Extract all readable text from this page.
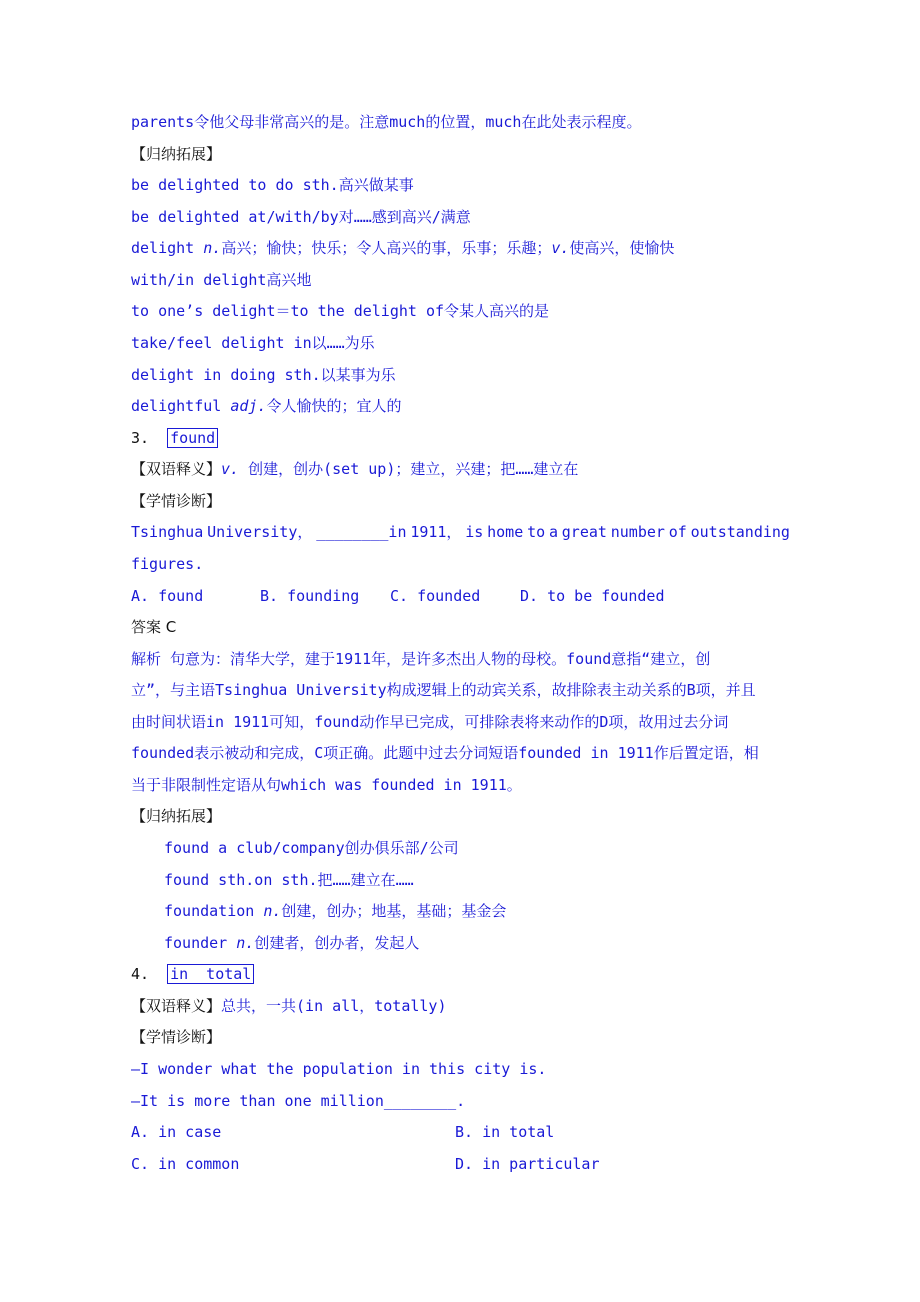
parents令他父母非常高兴的是。注意much的位置，much在此处表示程度。
【归纳拓展】
be delighted to do sth.高兴做某事
be delighted at/with/by对……感到高兴/满意
delight n.高兴；愉快；快乐；令人高兴的事，乐事；乐趣；v.使高兴，使愉快
with/in delight高兴地
to one’s delight＝to the delight of令某人高兴的是
take/feel delight in以……为乐
delight in doing sth.以某事为乐
delightful adj.令人愉快的；宜人的
3. found
【双语释义】v. 创建，创办(set up)；建立，兴建；把……建立在
【学情诊断】
Tsinghua University， ________in 1911， is home to a great number of outstanding
figures.
A. found	B. founding C. founded	D. to be founded
答案 C
解析 句意为：清华大学，建于1911年，是许多杰出人物的母校。found意指“建立，创
立”，与主语Tsinghua University构成逻辑上的动宾关系，故排除表主动关系的B项，并且
由时间状语in 1911可知，found动作早已完成，可排除表将来动作的D项，故用过去分词
founded表示被动和完成，C项正确。此题中过去分词短语founded in 1911作后置定语，相
当于非限制性定语从句which was founded in 1911。
【归纳拓展】
found a club/company创办俱乐部/公司
found sth.on sth.把……建立在……
foundation n.创建，创办；地基，基础；基金会
founder n.创建者，创办者，发起人
4. in  total
【双语释义】总共，一共(in all，totally)
【学情诊断】
—I wonder what the population in this city is.
—It is more than one million________.
A. in case	B. in total
C. in common	D. in particular
